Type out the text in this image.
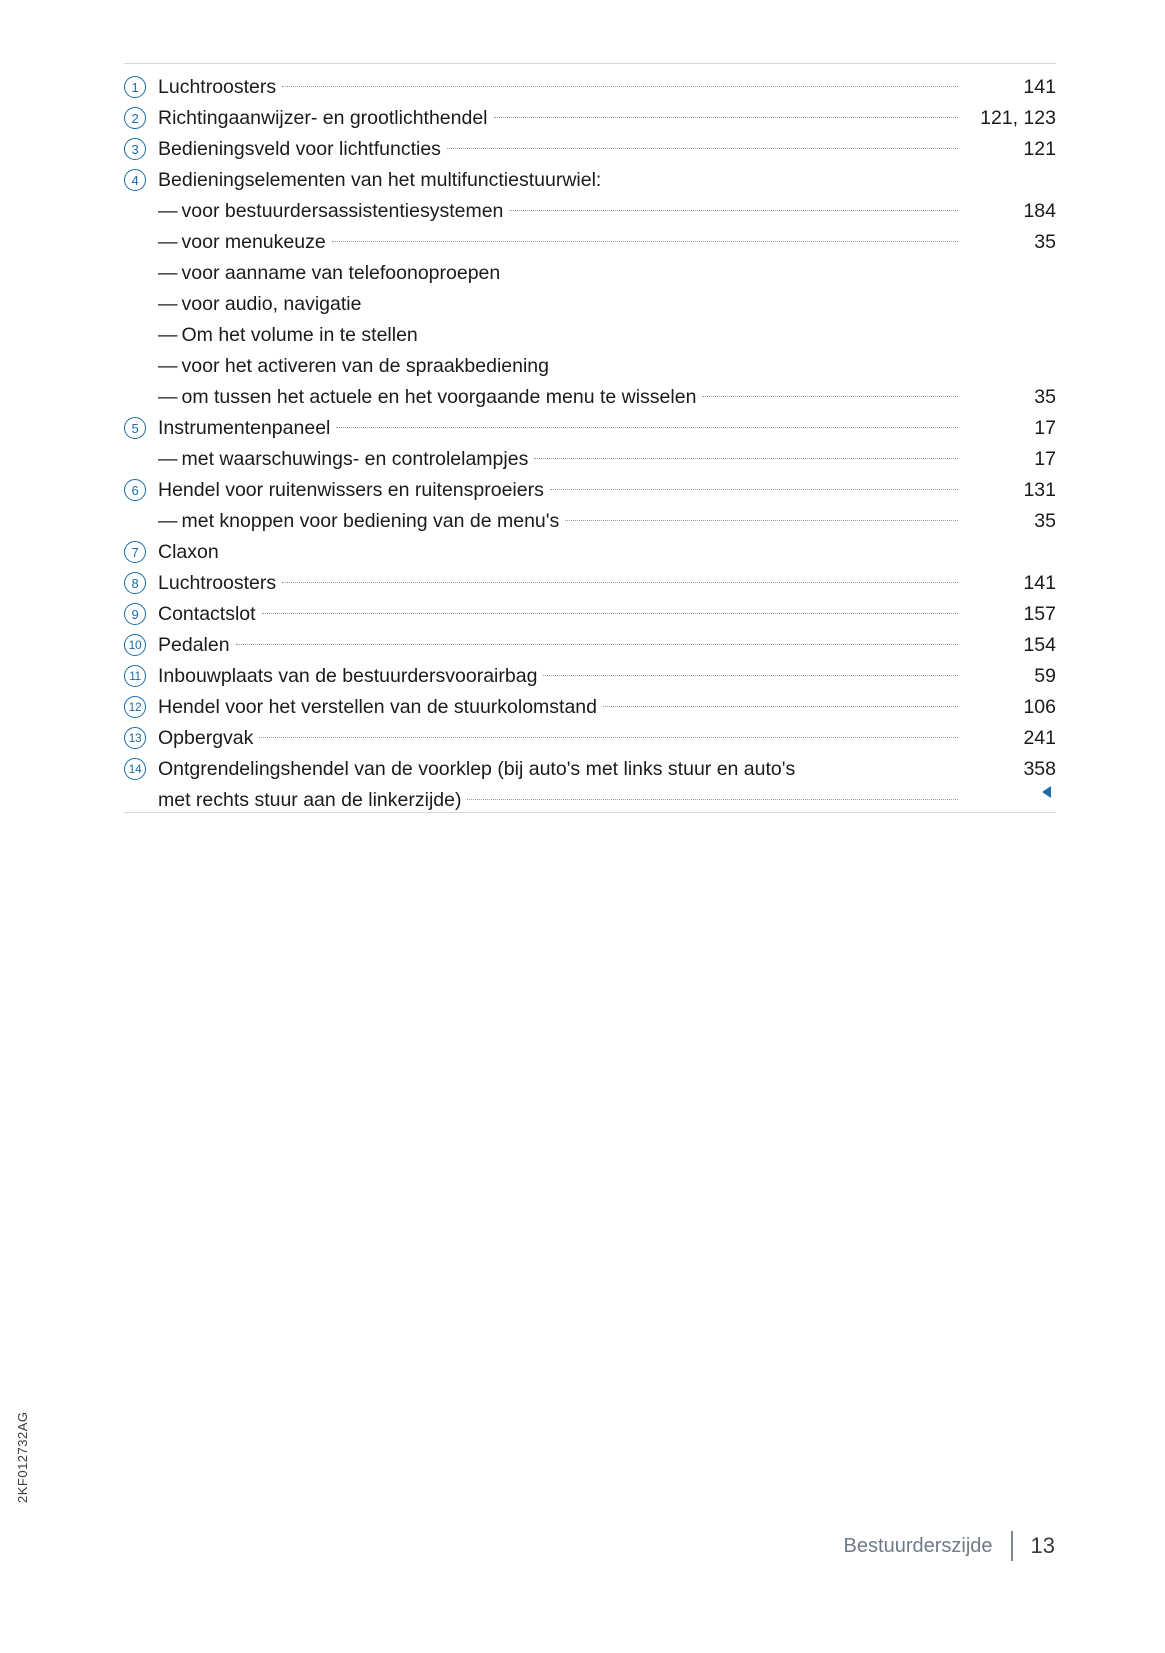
1	Luchtroosters	141
2	Richtingaanwijzer- en grootlichthendel	121, 123
3	Bedieningsveld voor lichtfuncties	121
4	Bedieningselementen van het multifunctiestuurwiel:
— voor bestuurdersassistentiesystemen	184
— voor menukeuze	35
— voor aanname van telefoonoproepen
— voor audio, navigatie
— Om het volume in te stellen
— voor het activeren van de spraakbediening
— om tussen het actuele en het voorgaande menu te wisselen	35
5	Instrumentenpaneel	17
— met waarschuwings- en controlelampjes	17
6	Hendel voor ruitenwissers en ruitensproeiers	131
— met knoppen voor bediening van de menu's	35
7	Claxon
8	Luchtroosters	141
9	Contactslot	157
10 Pedalen	154
11 Inbouwplaats van de bestuurdersvoorairbag	59
12 Hendel voor het verstellen van de stuurkolomstand	106
13 Opbergvak	241
14 Ontgrendelingshendel van de voorklep (bij auto's met links stuur en auto's	358
met rechts stuur aan de linkerzijde)
2KF012732AG
Bestuurderszijde	13
